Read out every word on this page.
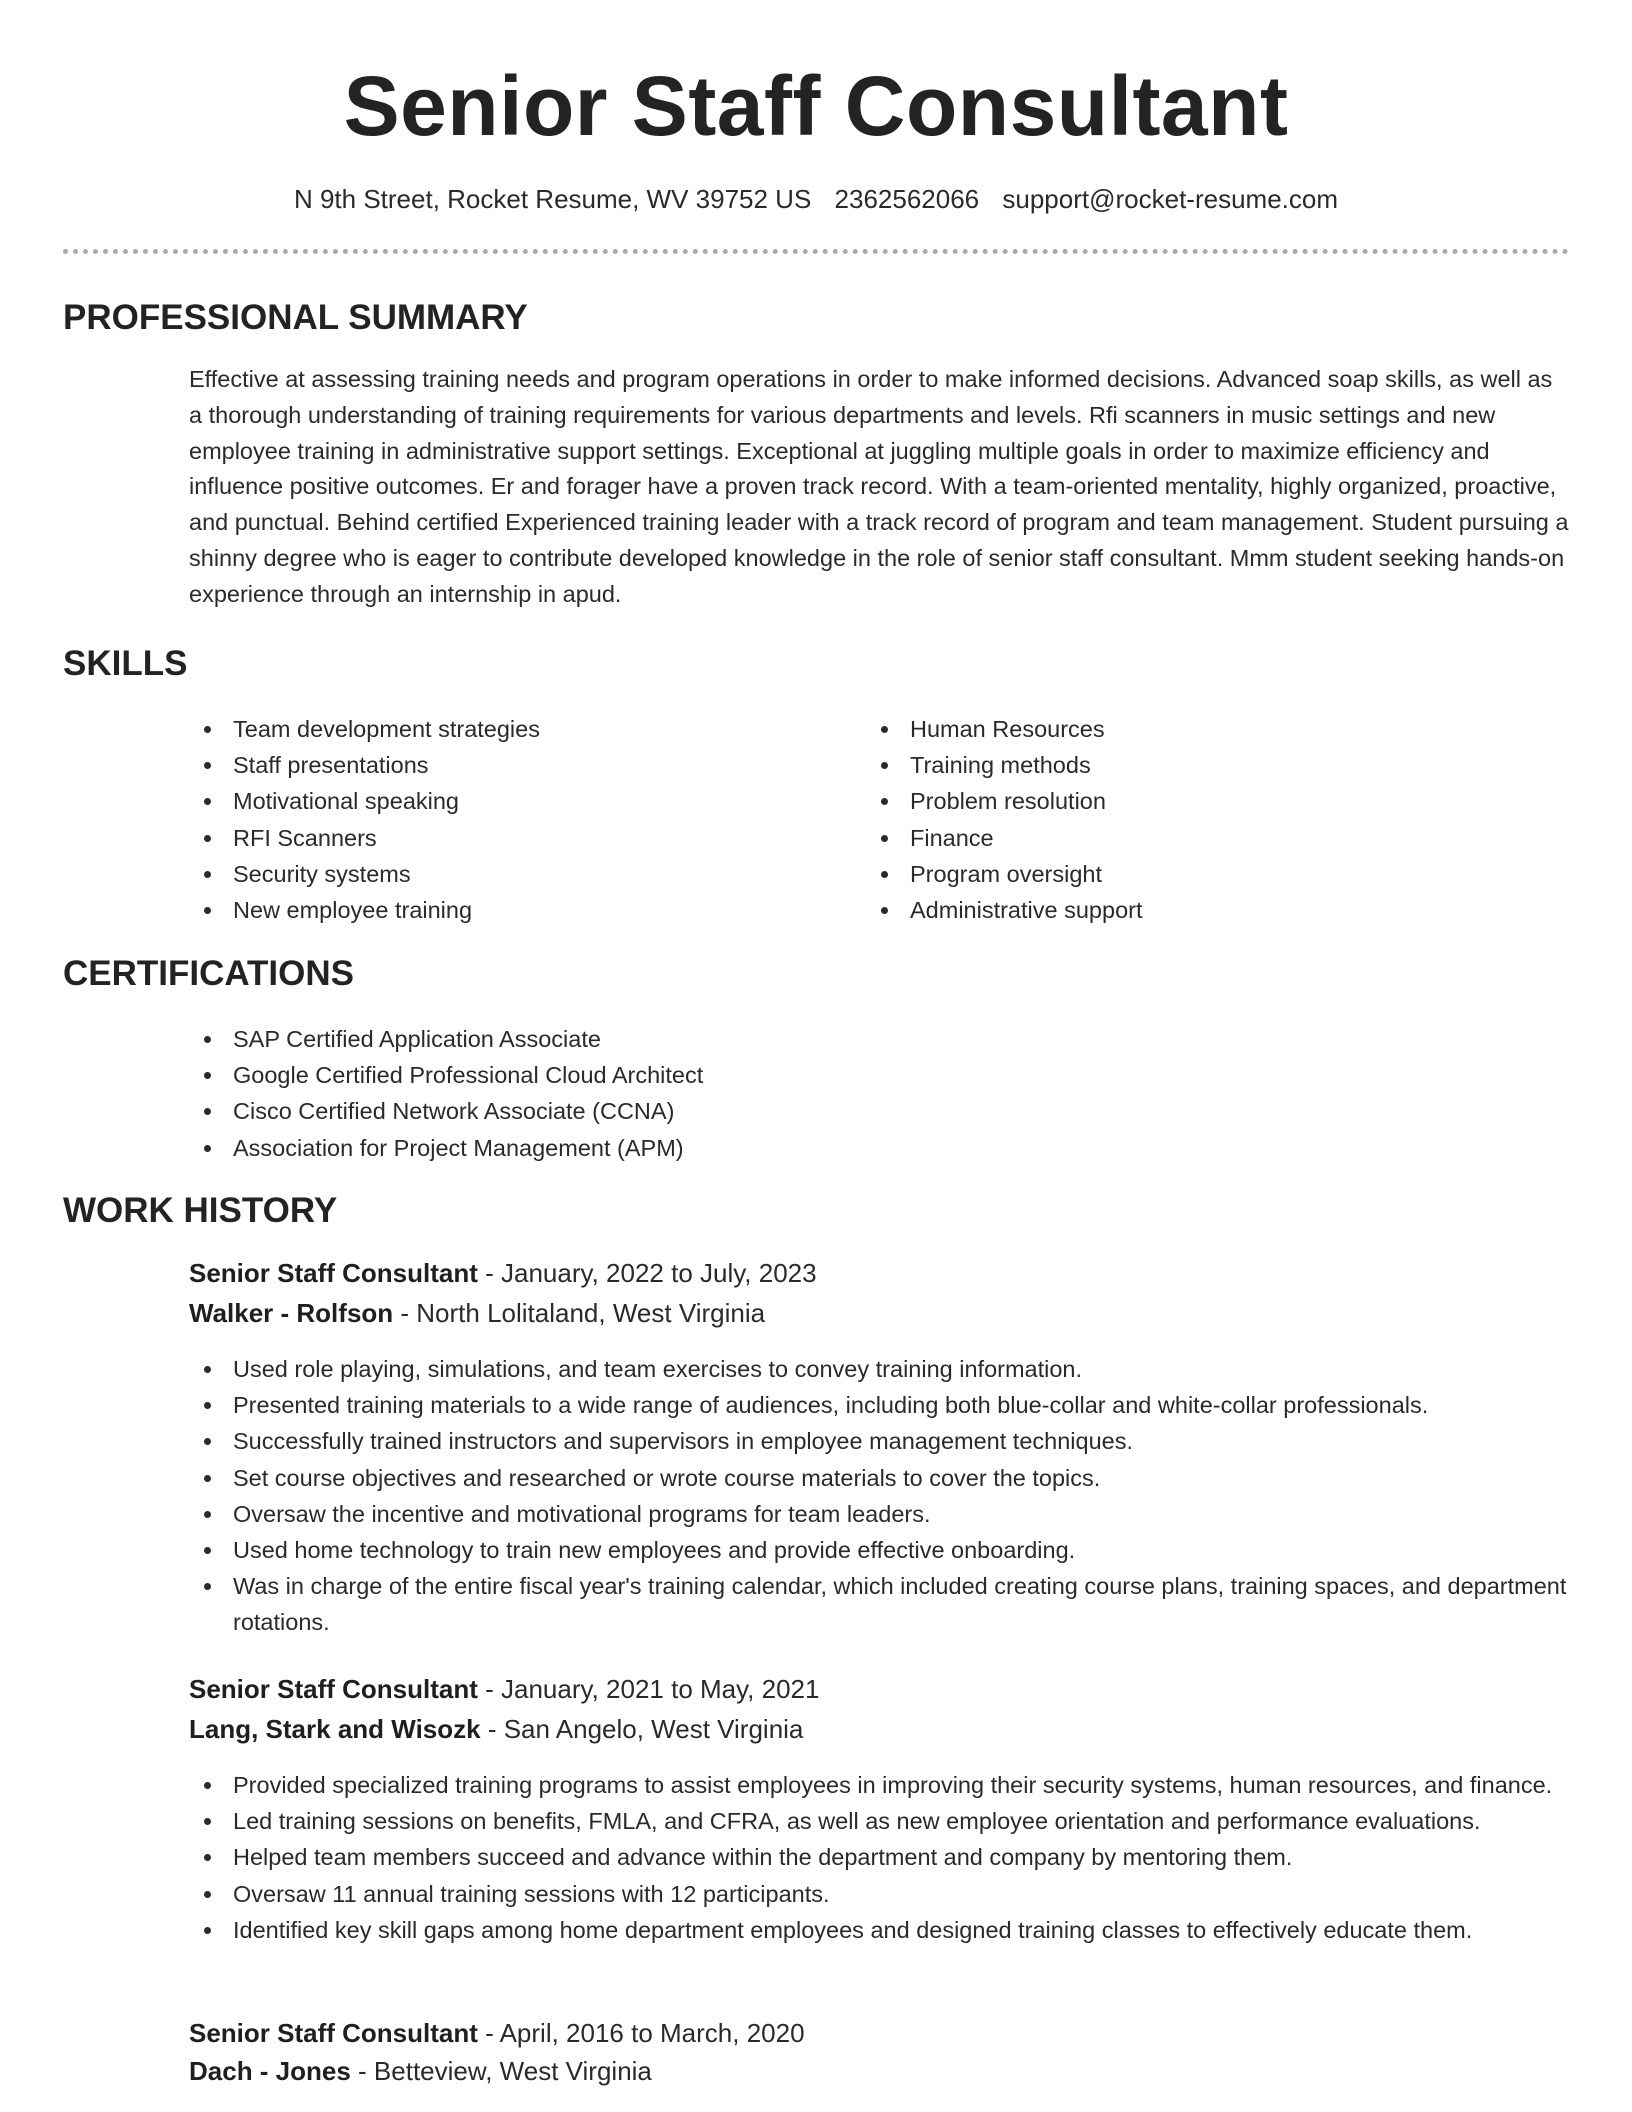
Senior Staff Consultant
N 9th Street, Rocket Resume, WV 39752 US 2362562066 support@rocket-resume.com
PROFESSIONAL SUMMARY

Effective at assessing training needs and program operations in order to make informed decisions. Advanced soap skills, as well as a thorough understanding of training requirements for various departments and levels. Rfi scanners in music settings and new employee training in administrative support settings. Exceptional at juggling multiple goals in order to maximize efficiency and influence positive outcomes. Er and forager have a proven track record. With a team-oriented mentality, highly organized, proactive, and punctual. Behind certified Experienced training leader with a track record of program and team management. Student pursuing a shinny degree who is eager to contribute developed knowledge in the role of senior staff consultant. Mmm student seeking hands-on experience through an internship in apud.

SKILLS
Team development strategies
Staff presentations
Motivational speaking
RFI Scanners
Security systems
New employee training
Human Resources
Training methods
Problem resolution
Finance
Program oversight
Administrative support
CERTIFICATIONS
SAP Certified Application Associate
Google Certified Professional Cloud Architect
Cisco Certified Network Associate (CCNA)
Association for Project Management (APM)
WORK HISTORY
Senior Staff Consultant - January, 2022 to July, 2023
Walker - Rolfson - North Lolitaland, West Virginia
Used role playing, simulations, and team exercises to convey training information.
Presented training materials to a wide range of audiences, including both blue-collar and white-collar professionals.
Successfully trained instructors and supervisors in employee management techniques.
Set course objectives and researched or wrote course materials to cover the topics.
Oversaw the incentive and motivational programs for team leaders.
Used home technology to train new employees and provide effective onboarding.
Was in charge of the entire fiscal year's training calendar, which included creating course plans, training spaces, and department rotations.
Senior Staff Consultant - January, 2021 to May, 2021
Lang, Stark and Wisozk - San Angelo, West Virginia
Provided specialized training programs to assist employees in improving their security systems, human resources, and finance.
Led training sessions on benefits, FMLA, and CFRA, as well as new employee orientation and performance evaluations.
Helped team members succeed and advance within the department and company by mentoring them.
Oversaw 11 annual training sessions with 12 participants.
Identified key skill gaps among home department employees and designed training classes to effectively educate them.
Senior Staff Consultant - April, 2016 to March, 2020
Dach - Jones - Betteview, West Virginia
